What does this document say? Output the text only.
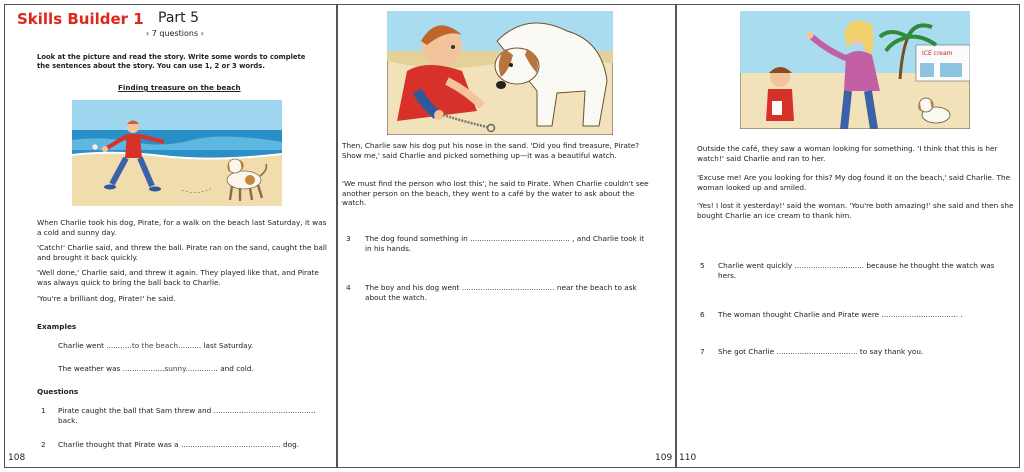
Skills Builder 1 Part 5
› 7 questions ‹
Look at the picture and read the story. Write some words to complete the sentences about the story. You can use 1, 2 or 3 words.
Finding treasure on the beach
When Charlie took his dog, Pirate, for a walk on the beach last Saturday, it was a cold and sunny day.
'Catch!' Charlie said, and threw the ball. Pirate ran on the sand, caught the ball and brought it back quickly.
'Well done,' Charlie said, and threw it again. They played like that, and Pirate was always quick to bring the ball back to Charlie.
'You're a brilliant dog, Pirate!' he said.
Examples
Charlie went ...........to the beach.......... last Saturday.
The weather was ..................sunny.............. and cold.
Questions
1 Pirate caught the ball that Sam threw and ............................................ back.
2 Charlie thought that Pirate was a ........................................... dog.
108
Then, Charlie saw his dog put his nose in the sand. 'Did you find treasure, Pirate? Show me,' said Charlie and picked something up—it was a beautiful watch.
'We must find the person who lost this', he said to Pirate. When Charlie couldn't see another person on the beach, they went to a café by the water to ask about the watch.
3 The dog found something in ........................................... , and Charlie took it in his hands.
4 The boy and his dog went ........................................ near the beach to ask about the watch.
109
ICE cream
Outside the café, they saw a woman looking for something. 'I think that this is her watch!' said Charlie and ran to her.
'Excuse me! Are you looking for this? My dog found it on the beach,' said Charlie. The woman looked up and smiled.
'Yes! I lost it yesterday!' said the woman. 'You're both amazing!' she said and then she bought Charlie an ice cream to thank him.
5 Charlie went quickly .............................. because he thought the watch was hers.
6 The woman thought Charlie and Pirate were ................................. .
7 She got Charlie ................................... to say thank you.
110
